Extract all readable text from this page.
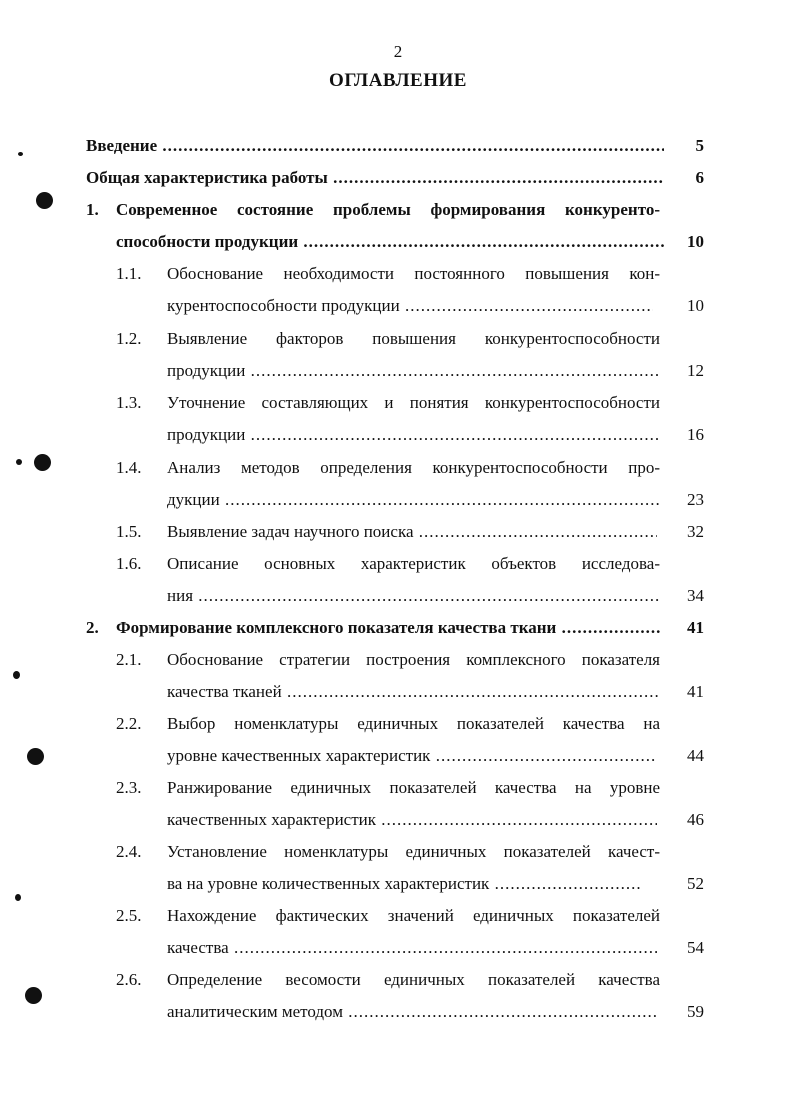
2
ОГЛАВЛЕНИЕ
Введение .....	5
Общая характеристика работы .....	6
1. Современное состояние проблемы формирования конкуренто-
способности продукции .....	10
1.1. Обоснование необходимости постоянного повышения кон-
курентоспособности продукции .....	10
1.2. Выявление факторов повышения конкурентоспособности
продукции .....	12
1.3. Уточнение составляющих и понятия конкурентоспособности
продукции .....	16
1.4. Анализ методов определения конкурентоспособности про-
дукции .....	23
1.5. Выявление задач научного поиска .....	32
1.6. Описание основных характеристик объектов исследова-
ния .....	34
2. Формирование комплексного показателя качества ткани .....	41
2.1. Обоснование стратегии построения комплексного показателя
качества тканей .....	41
2.2. Выбор номенклатуры единичных показателей качества на
уровне качественных характеристик .....	44
2.3. Ранжирование единичных показателей качества на уровне
качественных характеристик .....	46
2.4. Установление номенклатуры единичных показателей качест-
ва на уровне количественных характеристик .....	52
2.5. Нахождение фактических значений единичных показателей
качества .....	54
2.6. Определение весомости единичных показателей качества
аналитическим методом .....	59
